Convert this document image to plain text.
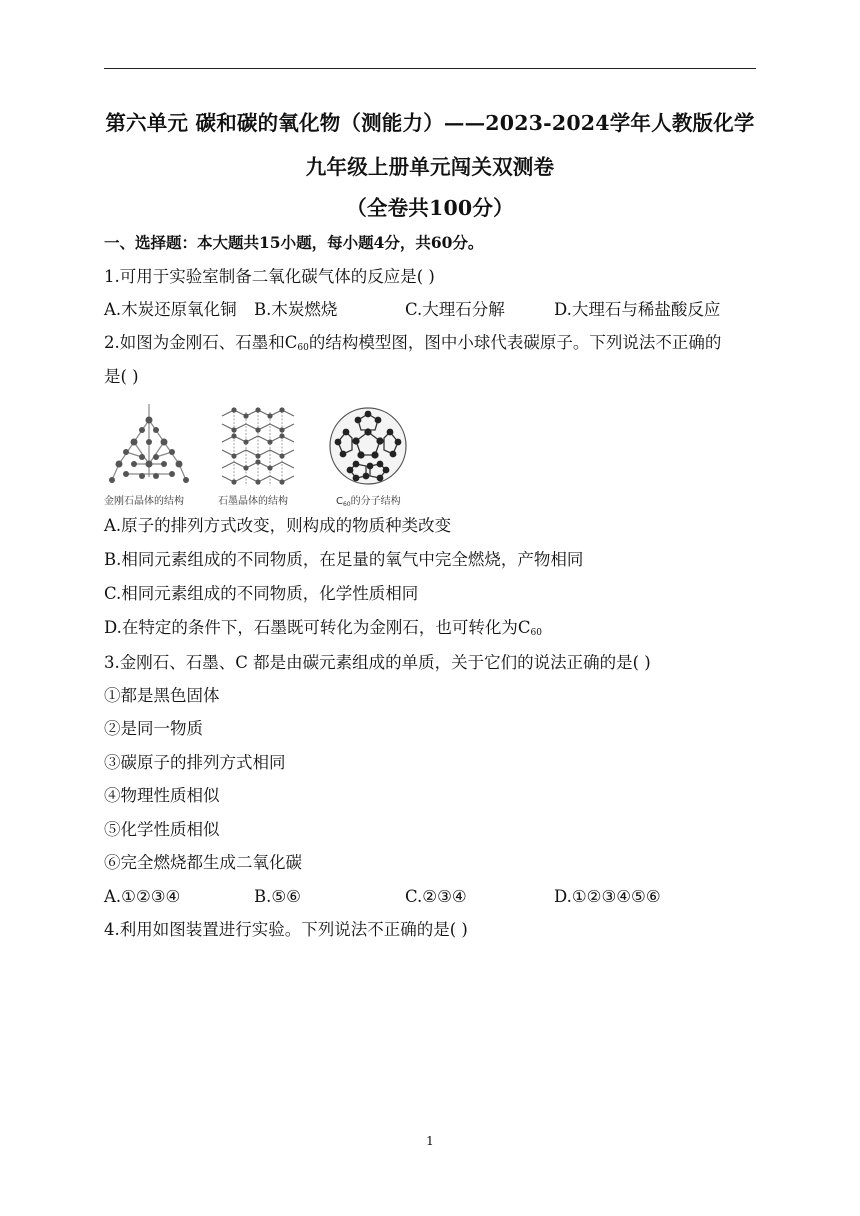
第六单元 碳和碳的氧化物（测能力）——2023-2024学年人教版化学
九年级上册单元闯关双测卷
（全卷共100分）
一、选择题：本大题共15小题，每小题4分，共60分。
1.可用于实验室制备二氧化碳气体的反应是( )
A.木炭还原氧化铜 B.木炭燃烧	C.大理石分解	D.大理石与稀盐酸反应
2.如图为金刚石、石墨和$C_{60}$的结构模型图，图中小球代表碳原子。下列说法不正确的
是( )
金刚石晶体的结构	石墨晶体的结构	$C_{60}$的分子结构
A.原子的排列方式改变，则构成的物质种类改变
B.相同元素组成的不同物质，在足量的氧气中完全燃烧，产物相同
C.相同元素组成的不同物质，化学性质相同
D.在特定的条件下，石墨既可转化为金刚石，也可转化为$C_{60}$
3.金刚石、石墨、C 都是由碳元素组成的单质，关于它们的说法正确的是( )
①都是黑色固体
②是同一物质
③碳原子的排列方式相同
④物理性质相似
⑤化学性质相似
⑥完全燃烧都生成二氧化碳
A.①②③④	B.⑤⑥	C.②③④	D.①②③④⑤⑥
4.利用如图装置进行实验。下列说法不正确的是( )
1
